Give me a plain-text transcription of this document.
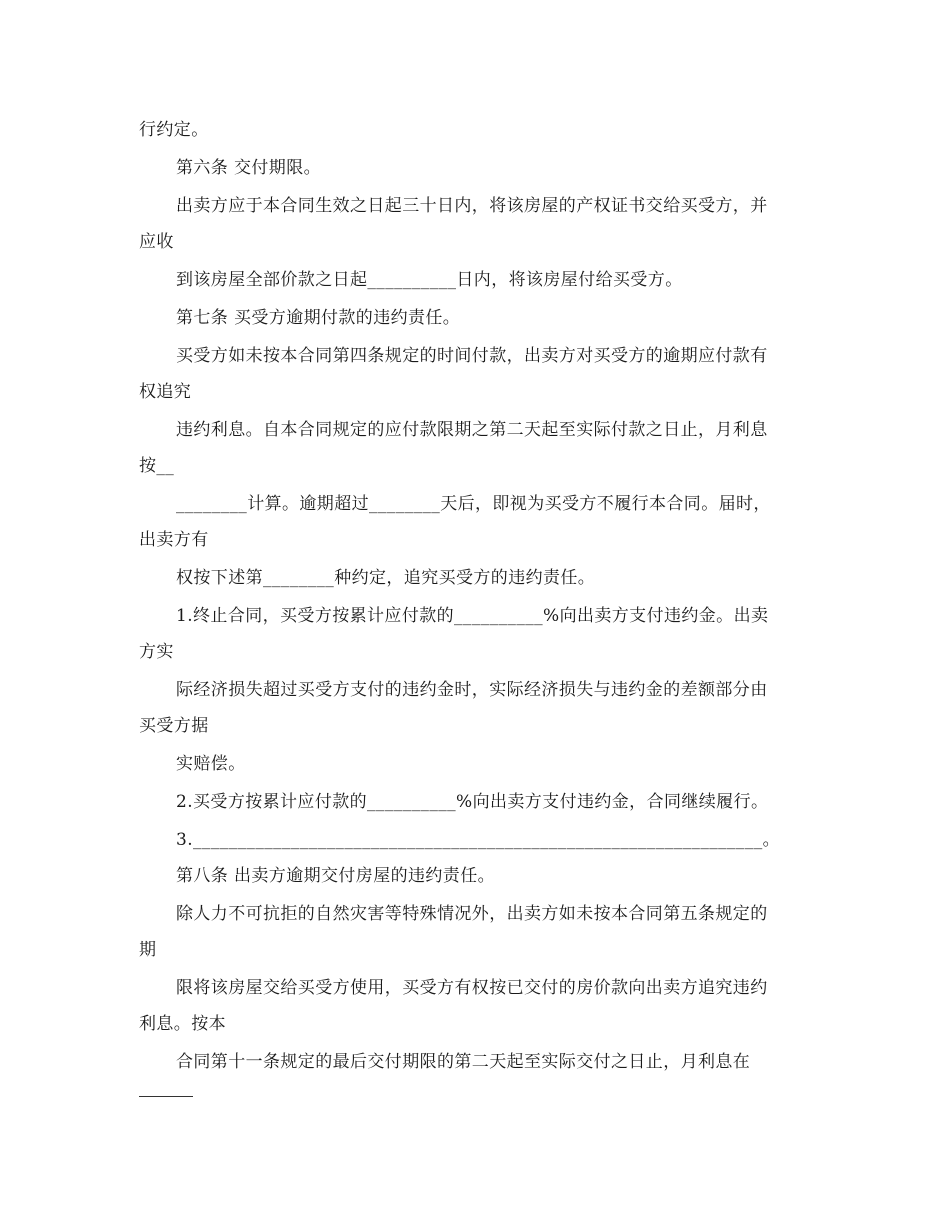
行约定。
第六条 交付期限。
出卖方应于本合同生效之日起三十日内，将该房屋的产权证书交给买受方，并
应收
到该房屋全部价款之日起__________日内，将该房屋付给买受方。
第七条 买受方逾期付款的违约责任。
买受方如未按本合同第四条规定的时间付款，出卖方对买受方的逾期应付款有
权追究
违约利息。自本合同规定的应付款限期之第二天起至实际付款之日止，月利息
按__
________计算。逾期超过________天后，即视为买受方不履行本合同。届时，
出卖方有
权按下述第________种约定，追究买受方的违约责任。
1.终止合同，买受方按累计应付款的__________%向出卖方支付违约金。出卖
方实
际经济损失超过买受方支付的违约金时，实际经济损失与违约金的差额部分由
买受方据
实赔偿。
2.买受方按累计应付款的__________%向出卖方支付违约金，合同继续履行。
3.________________________________________________________________。
第八条 出卖方逾期交付房屋的违约责任。
除人力不可抗拒的自然灾害等特殊情况外，出卖方如未按本合同第五条规定的
期
限将该房屋交给买受方使用，买受方有权按已交付的房价款向出卖方追究违约
利息。按本
合同第十一条规定的最后交付期限的第二天起至实际交付之日止，月利息在
